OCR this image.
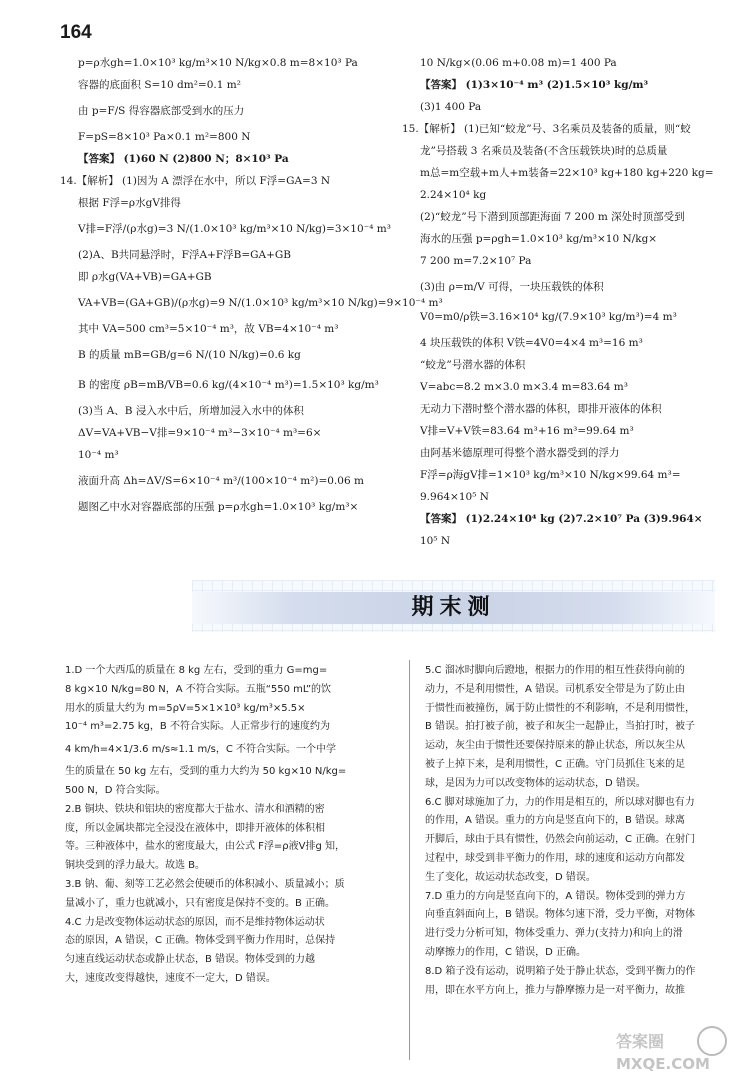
164
p=ρ水gh=1.0×10³ kg/m³×10 N/kg×0.8 m=8×10³ Pa
容器的底面积 S=10 dm²=0.1 m²
由 p=F/S 得容器底部受到水的压力
F=pS=8×10³ Pa×0.1 m²=800 N
【答案】 (1)60 N (2)800 N；8×10³ Pa
14.【解析】 (1)因为 A 漂浮在水中，所以 F浮=GA=3 N
根据 F浮=ρ水gV排得
V排=F浮/(ρ水g)=3 N/(1.0×10³ kg/m³×10 N/kg)=3×10⁻⁴ m³
(2)A、B共同悬浮时，F浮A+F浮B=GA+GB
即 ρ水g(VA+VB)=GA+GB
VA+VB=(GA+GB)/(ρ水g)=9 N/(1.0×10³ kg/m³×10 N/kg)=9×10⁻⁴ m³
其中 VA=500 cm³=5×10⁻⁴ m³，故 VB=4×10⁻⁴ m³
B 的质量 mB=GB/g=6 N/(10 N/kg)=0.6 kg
B 的密度 ρB=mB/VB=0.6 kg/(4×10⁻⁴ m³)=1.5×10³ kg/m³
(3)当 A、B 浸入水中后，所增加浸入水中的体积
ΔV=VA+VB−V排=9×10⁻⁴ m³−3×10⁻⁴ m³=6×
10⁻⁴ m³
液面升高 Δh=ΔV/S=6×10⁻⁴ m³/(100×10⁻⁴ m²)=0.06 m
题图乙中水对容器底部的压强 p=ρ水gh=1.0×10³ kg/m³×
10 N/kg×(0.06 m+0.08 m)=1 400 Pa
【答案】 (1)3×10⁻⁴ m³ (2)1.5×10³ kg/m³
(3)1 400 Pa
15.【解析】 (1)已知“蛟龙”号、3名乘员及装备的质量，则“蛟
龙”号搭载 3 名乘员及装备(不含压载铁块)时的总质量
m总=m空载+m人+m装备=22×10³ kg+180 kg+220 kg=
2.24×10⁴ kg
(2)“蛟龙”号下潜到顶部距海面 7 200 m 深处时顶部受到
海水的压强 p=ρgh=1.0×10³ kg/m³×10 N/kg×
7 200 m=7.2×10⁷ Pa
(3)由 ρ=m/V 可得，一块压载铁的体积
V0=m0/ρ铁=3.16×10⁴ kg/(7.9×10³ kg/m³)=4 m³
4 块压载铁的体积 V铁=4V0=4×4 m³=16 m³
“蛟龙”号潜水器的体积
V=abc=8.2 m×3.0 m×3.4 m=83.64 m³
无动力下潜时整个潜水器的体积，即排开液体的体积
V排=V+V铁=83.64 m³+16 m³=99.64 m³
由阿基米德原理可得整个潜水器受到的浮力
F浮=ρ海gV排=1×10³ kg/m³×10 N/kg×99.64 m³=
9.964×10⁵ N
【答案】 (1)2.24×10⁴ kg (2)7.2×10⁷ Pa (3)9.964×
10⁵ N
期末测
1.D 一个大西瓜的质量在 8 kg 左右，受到的重力 G=mg=
8 kg×10 N/kg=80 N，A 不符合实际。五瓶“550 mL”的饮
用水的质量大约为 m=5ρV=5×1×10³ kg/m³×5.5×
10⁻⁴ m³=2.75 kg，B 不符合实际。人正常步行的速度约为
4 km/h=4×1/3.6 m/s≈1.1 m/s，C 不符合实际。一个中学
生的质量在 50 kg 左右，受到的重力大约为 50 kg×10 N/kg=
500 N，D 符合实际。
2.B 铜块、铁块和铝块的密度都大于盐水、清水和酒精的密
度，所以金属块都完全浸没在液体中，即排开液体的体积相
等。三种液体中，盐水的密度最大，由公式 F浮=ρ液V排g 知，
铜块受到的浮力最大。故选 B。
3.B 钠、葡、刻等工艺必然会使硬币的体积减小、质量减小；质
量减小了，重力也就减小，只有密度是保持不变的。B 正确。
4.C 力是改变物体运动状态的原因，而不是维持物体运动状
态的原因，A 错误，C 正确。物体受到平衡力作用时，总保持
匀速直线运动状态或静止状态，B 错误。物体受到的力越
大，速度改变得越快，速度不一定大，D 错误。
5.C 溜冰时脚向后蹬地，根据力的作用的相互性获得向前的
动力，不是利用惯性，A 错误。司机系安全带是为了防止由
于惯性而被撞伤，属于防止惯性的不利影响，不是利用惯性，
B 错误。拍打被子前，被子和灰尘一起静止，当拍打时，被子
运动，灰尘由于惯性还要保持原来的静止状态，所以灰尘从
被子上掉下来，是利用惯性，C 正确。守门员抓住飞来的足
球，是因为力可以改变物体的运动状态，D 错误。
6.C 脚对球施加了力，力的作用是相互的，所以球对脚也有力
的作用，A 错误。重力的方向是竖直向下的，B 错误。球离
开脚后，球由于具有惯性，仍然会向前运动，C 正确。在射门
过程中，球受到非平衡力的作用，球的速度和运动方向都发
生了变化，故运动状态改变，D 错误。
7.D 重力的方向是竖直向下的，A 错误。物体受到的弹力方
向垂直斜面向上，B 错误。物体匀速下滑，受力平衡，对物体
进行受力分析可知，物体受重力、弹力(支持力)和向上的滑
动摩擦力的作用，C 错误，D 正确。
8.D 箱子没有运动，说明箱子处于静止状态，受到平衡力的作
用，即在水平方向上，推力与静摩擦力是一对平衡力，故推
答案圈
MXQE.COM
